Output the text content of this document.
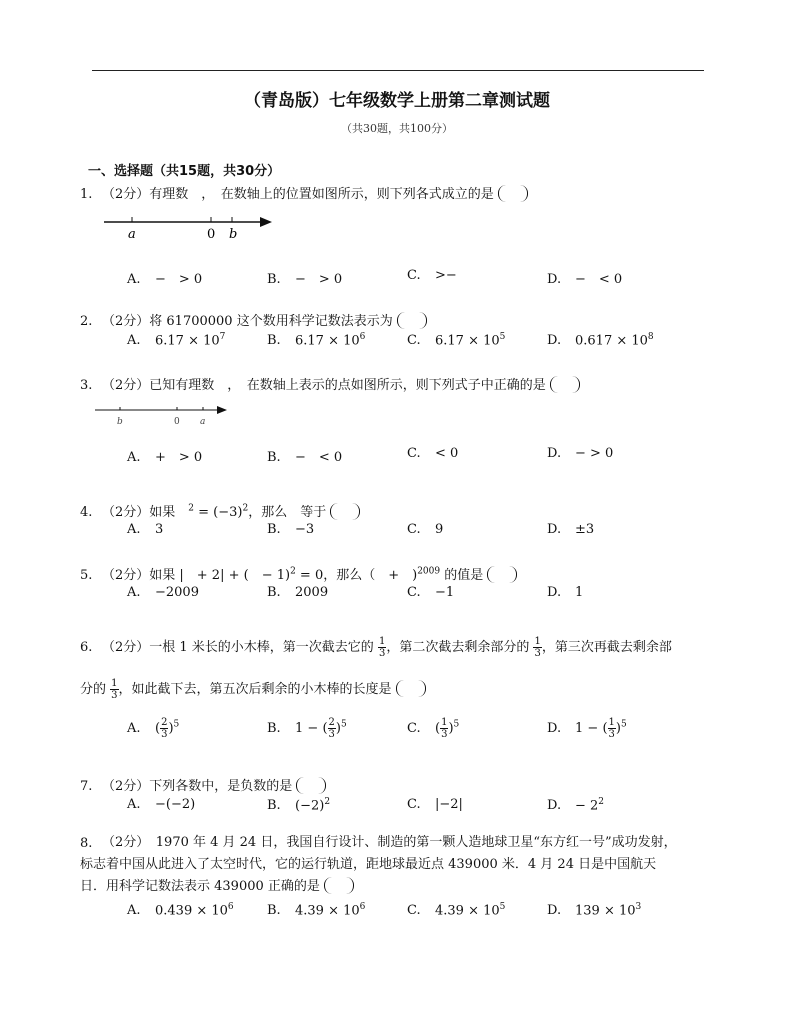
（青岛版）七年级数学上册第二章测试题
（共30题，共100分）
一、选择题（共15题，共30分）
1. （2分）有理数　，　在数轴上的位置如图所示，则下列各式成立的是
a	0 b
A. −　> 0	B. −　> 0	C. >−	D. −　< 0
2. （2分）将 61700000 这个数用科学记数法表示为
A. $6.17 \times 10^7$	B. $6.17 \times 10^6$	C. $6.17 \times 10^5$	D. $0.617 \times 10^8$
3. （2分）已知有理数　，　在数轴上表示的点如图所示，则下列式子中正确的是
b	0 a
A. +　> 0	B. −　< 0	C. < 0	D. − > 0
4. （2分）如果　$^2 = (-3)^2$，那么　等于
A. 3	B. −3	C. 9	D. ±3
5. （2分）如果 |　+ 2| + (　− 1)$^2$ = 0，那么（　+　)$^{2009}$ 的值是
A. −2009	B. 2009	C. −1	D. 1
6. （2分）一根 1 米长的小木棒，第一次截去它的 $\frac{1}{3}$ ，第二次截去剩余部分的 $\frac{1}{3}$ ，第三次再截去剩余部
分的 $\frac{1}{3}$ ，如此截下去，第五次后剩余的小木棒的长度是
A. ( $\frac{2}{3} )^5$	B. 1 − ( $\frac{2}{3} )^5$	C. ( $\frac{1}{3} )^5$	D. 1 − ( $\frac{1}{3} )^5$
7. （2分）下列各数中，是负数的是
A. −(−2)	B. $(-2)^2$	C. |−2|	D. − $2^2$
8. （2分）　1970 年 4 月 24 日，我国自行设计、制造的第一颗人造地球卫星“东方红一号”成功发射，
标志着中国从此进入了太空时代，它的运行轨道，距地球最近点 439000 米．4 月 24 日是中国航天
日．用科学记数法表示 439000 正确的是
A. $0.439 \times 10^6$	B. $4.39 \times 10^6$	C. $4.39 \times 10^5$	D. $139 \times 10^3$
